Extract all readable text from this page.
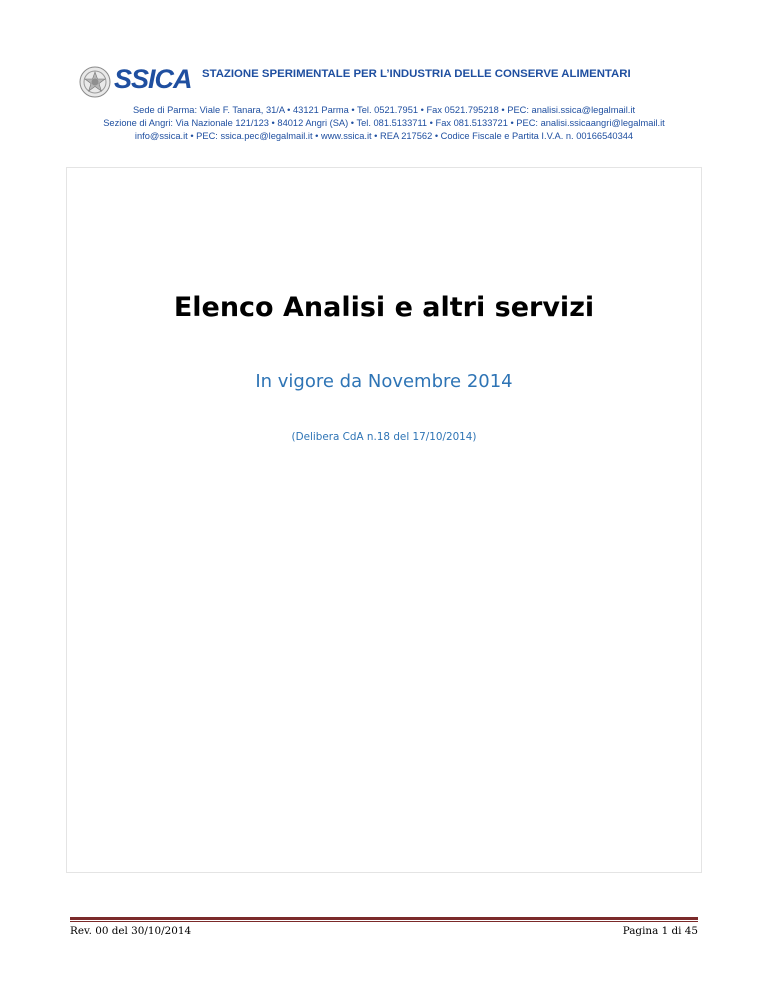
SSICA STAZIONE SPERIMENTALE PER L’INDUSTRIA DELLE CONSERVE ALIMENTARI
Sede di Parma: Viale F. Tanara, 31/A • 43121 Parma • Tel. 0521.7951 • Fax 0521.795218 • PEC: analisi.ssica@legalmail.it
Sezione di Angri: Via Nazionale 121/123 • 84012 Angri (SA) • Tel. 081.5133711 • Fax 081.5133721 • PEC: analisi.ssicaangri@legalmail.it
info@ssica.it • PEC: ssica.pec@legalmail.it • www.ssica.it • REA 217562 • Codice Fiscale e Partita I.V.A. n. 00166540344
Elenco Analisi e altri servizi
In vigore da Novembre 2014
(Delibera CdA n.18 del 17/10/2014)
Rev. 00 del 30/10/2014	Pagina 1 di 45
